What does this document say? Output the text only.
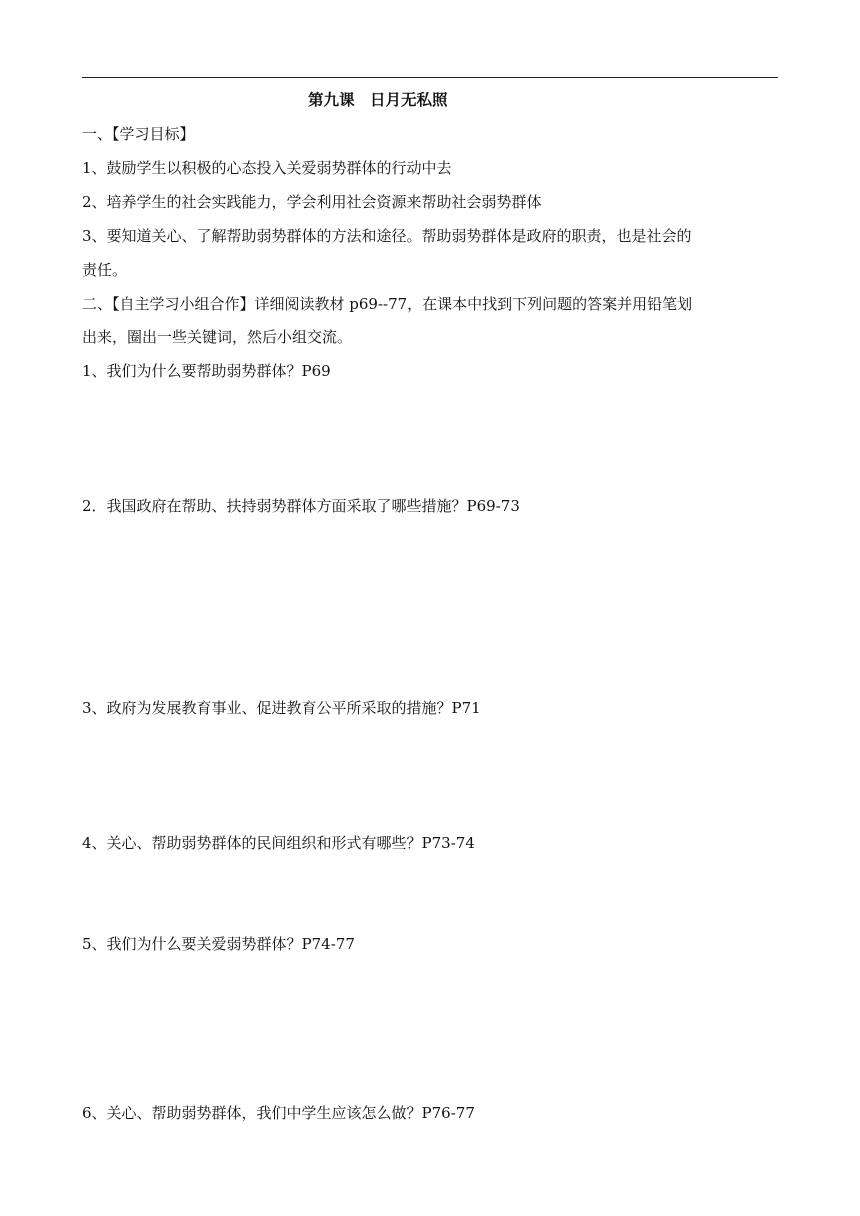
第九课　日月无私照
一、【学习目标】
1、鼓励学生以积极的心态投入关爱弱势群体的行动中去
2、培养学生的社会实践能力，学会利用社会资源来帮助社会弱势群体
3、要知道关心、了解帮助弱势群体的方法和途径。帮助弱势群体是政府的职责，也是社会的
责任。
二、【自主学习小组合作】详细阅读教材 p69--77，在课本中找到下列问题的答案并用铅笔划
出来，圈出一些关键词，然后小组交流。
1、我们为什么要帮助弱势群体？P69
2．我国政府在帮助、扶持弱势群体方面采取了哪些措施？P69-73
3、政府为发展教育事业、促进教育公平所采取的措施？P71
4、关心、帮助弱势群体的民间组织和形式有哪些？P73-74
5、我们为什么要关爱弱势群体？P74-77
6、关心、帮助弱势群体，我们中学生应该怎么做？P76-77
